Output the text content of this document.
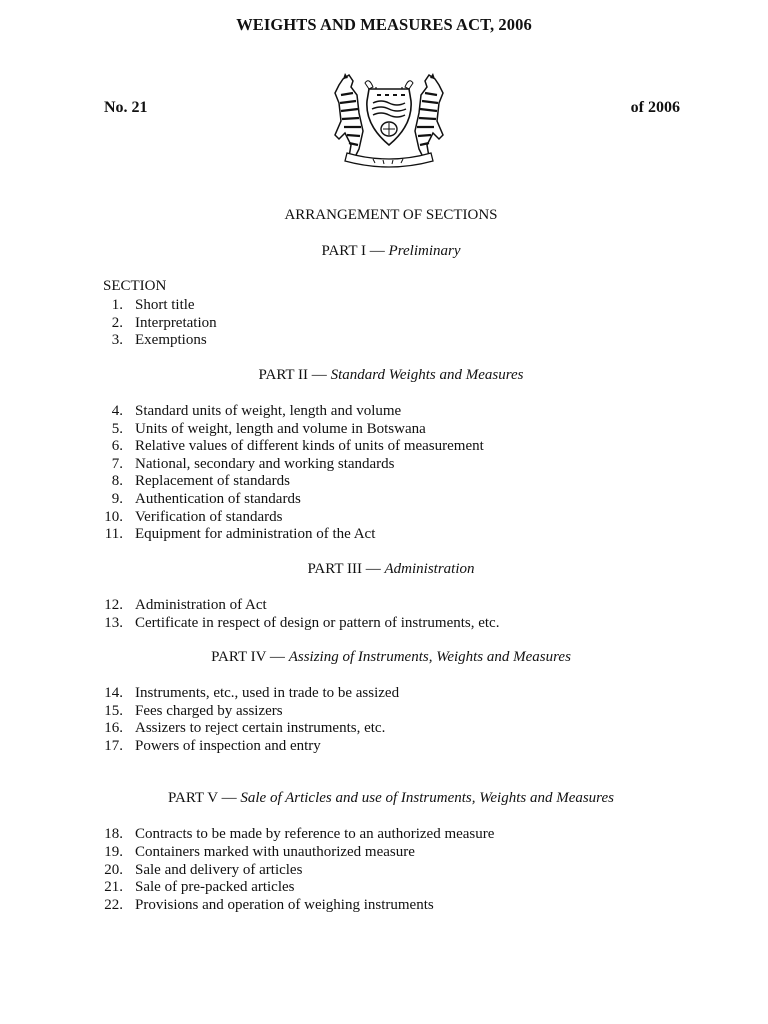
WEIGHTS AND MEASURES ACT, 2006
No. 21	of 2006
ARRANGEMENT OF SECTIONS
PART I — Preliminary
SECTION
1. Short title
2. Interpretation
3. Exemptions
PART II — Standard Weights and Measures
4. Standard units of weight, length and volume
5. Units of weight, length and volume in Botswana
6. Relative values of different kinds of units of measurement
7. National, secondary and working standards
8. Replacement of standards
9. Authentication of standards
10. Verification of standards
11. Equipment for administration of the Act
PART III — Administration
12. Administration of Act
13. Certificate in respect of design or pattern of instruments, etc.
PART IV — Assizing of Instruments, Weights and Measures
14. Instruments, etc., used in trade to be assized
15. Fees charged by assizers
16. Assizers to reject certain instruments, etc.
17. Powers of inspection and entry
PART V — Sale of Articles and use of Instruments, Weights and Measures
18. Contracts to be made by reference to an authorized measure
19. Containers marked with unauthorized measure
20. Sale and delivery of articles
21. Sale of pre-packed articles
22. Provisions and operation of weighing instruments
